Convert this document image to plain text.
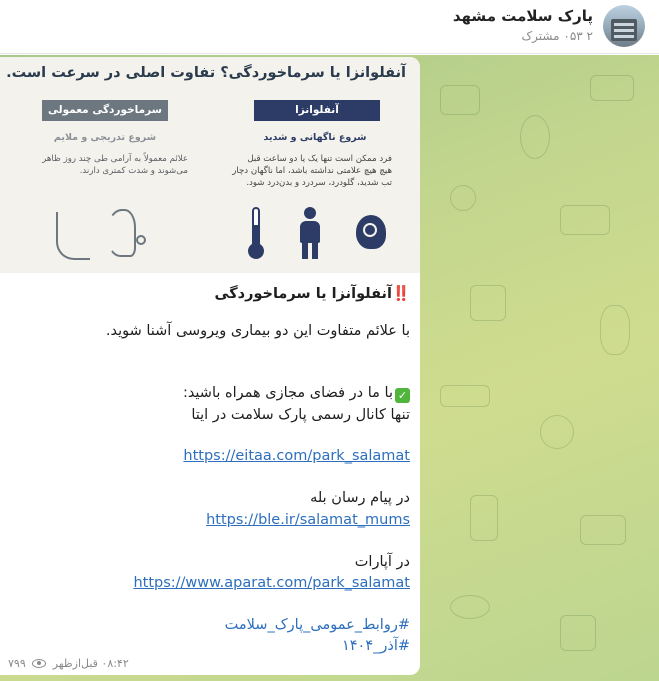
پارک سلامت مشهد
۲ ۰۵۳ مشترک
آنفلوانزا یا سرماخوردگی؟ تفاوت اصلی در سرعت است.
آنفلوانزا
سرماخوردگی معمولی
شروع ناگهانی و شدید
شروع تدریجی و ملایم
فرد ممکن است تنها یک یا دو ساعت قبل هیچ هیچ علامتی نداشته باشد، اما ناگهان دچار تب شدید، گلودرد، سردرد و بدن‌درد شود.
علائم معمولاً به آرامی طی چند روز ظاهر می‌شوند و شدت کمتری دارند.
‼️آنفلوآنزا یا سرماخوردگی
با علائم متفاوت این دو بیماری ویروسی آشنا شوید.
✓با ما در فضای مجازی همراه باشید:
تنها کانال رسمی پارک سلامت در ایتا
https://eitaa.com/park_salamat
در پیام رسان بله
https://ble.ir/salamat_mums
در آپارات
https://www.aparat.com/park_salamat
#روابط_عمومی_پارک_سلامت
#آذر_۱۴۰۴
۰۸:۴۲ قبل‌ازظهر  ۷۹۹
